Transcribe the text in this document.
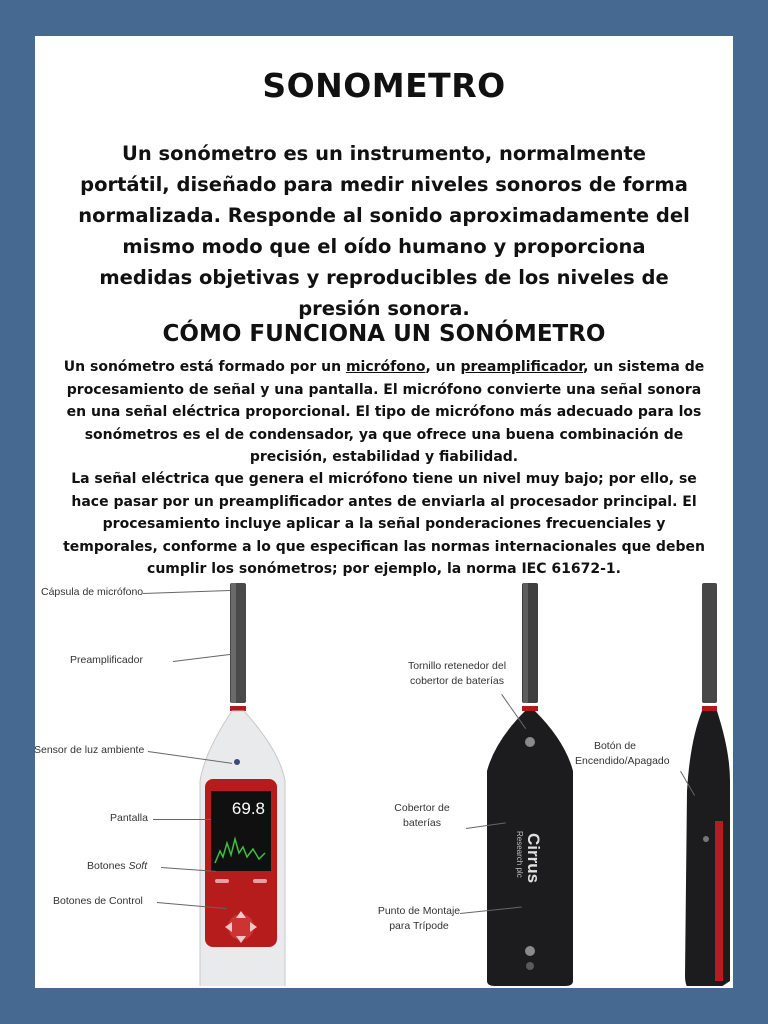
SONOMETRO
Un sonómetro es un instrumento, normalmente portátil, diseñado para medir niveles sonoros de forma normalizada. Responde al sonido aproximadamente del mismo modo que el oído humano y proporciona medidas objetivas y reproducibles de los niveles de presión sonora.
CÓMO FUNCIONA UN SONÓMETRO
Un sonómetro está formado por un micrófono, un preamplificador, un sistema de procesamiento de señal y una pantalla. El micrófono convierte una señal sonora en una señal eléctrica proporcional. El tipo de micrófono más adecuado para los sonómetros es el de condensador, ya que ofrece una buena combinación de precisión, estabilidad y fiabilidad.
La señal eléctrica que genera el micrófono tiene un nivel muy bajo; por ello, se hace pasar por un preamplificador antes de enviarla al procesador principal. El procesamiento incluye aplicar a la señal ponderaciones frecuenciales y temporales, conforme a lo que especifican las normas internacionales que deben cumplir los sonómetros; por ejemplo, la norma IEC 61672-1.
69.8
Cirrus
Research plc
Cápsula de micrófono
Preamplificador
Sensor de luz ambiente
Pantalla
Botones Soft
Botones de Control
Tornillo retenedor del cobertor de baterías
Cobertor de baterías
Punto de Montaje para Trípode
Botón de Encendido/Apagado
